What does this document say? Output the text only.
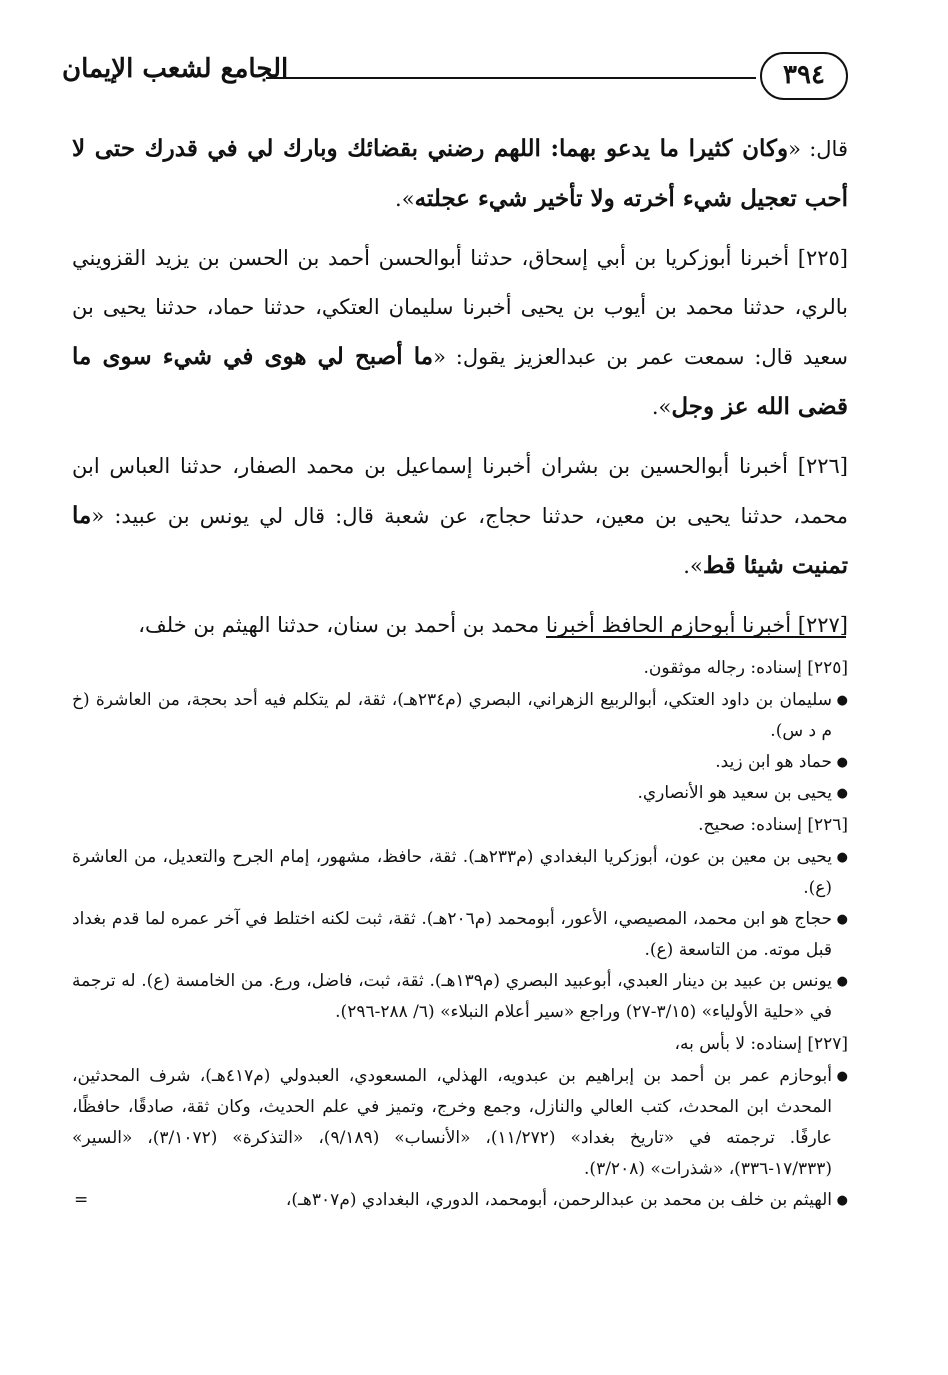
الجامع لشعب الإيمان	٣٩٤

قال: «وكان كثيرا ما يدعو بهما: اللهم رضني بقضائك وبارك لي في قدرك حتى لا أحب تعجيل شيء أخرته ولا تأخير شيء عجلته».

[٢٢٥] أخبرنا أبوزكريا بن أبي إسحاق، حدثنا أبوالحسن أحمد بن الحسن بن يزيد القزويني بالري، حدثنا محمد بن أيوب بن يحيى أخبرنا سليمان العتكي، حدثنا حماد، حدثنا يحيى بن سعيد قال: سمعت عمر بن عبدالعزيز يقول: «ما أصبح لي هوى في شيء سوى ما قضى الله عز وجل».

[٢٢٦] أخبرنا أبوالحسين بن بشران أخبرنا إسماعيل بن محمد الصفار، حدثنا العباس ابن محمد، حدثنا يحيى بن معين، حدثنا حجاج، عن شعبة قال: قال لي يونس بن عبيد: «ما تمنيت شيئا قط».

[٢٢٧] أخبرنا أبوحازم الحافظ أخبرنا محمد بن أحمد بن سنان، حدثنا الهيثم بن خلف،

[٢٢٥] إسناده: رجاله موثقون.
●
سليمان بن داود العتكي، أبوالربيع الزهراني، البصري (م٢٣٤هـ)، ثقة، لم يتكلم فيه أحد بحجة، من العاشرة (خ م د س).
●
حماد هو ابن زيد.
●
يحيى بن سعيد هو الأنصاري.
[٢٢٦] إسناده: صحيح.
●
يحيى بن معين بن عون، أبوزكريا البغدادي (م٢٣٣هـ). ثقة، حافظ، مشهور، إمام الجرح والتعديل، من العاشرة (ع).
●
حجاج هو ابن محمد، المصيصي، الأعور، أبومحمد (م٢٠٦هـ). ثقة، ثبت لكنه اختلط في آخر عمره لما قدم بغداد قبل موته. من التاسعة (ع).
●
يونس بن عبيد بن دينار العبدي، أبوعبيد البصري (م١٣٩هـ). ثقة، ثبت، فاضل، ورع. من الخامسة (ع). له ترجمة في «حلية الأولياء» (٣/١٥-٢٧) وراجع «سير أعلام النبلاء» (٦/ ٢٨٨-٢٩٦).
[٢٢٧] إسناده: لا بأس به،
●
أبوحازم عمر بن أحمد بن إبراهيم بن عبدويه، الهذلي، المسعودي، العبدولي (م٤١٧هـ)، شرف المحدثين، المحدث ابن المحدث، كتب العالي والنازل، وجمع وخرج، وتميز في علم الحديث، وكان ثقة، صادقًا، حافظًا، عارفًا. ترجمته في «تاريخ بغداد» (١١/٢٧٢)، «الأنساب» (٩/١٨٩)، «التذكرة» (٣/١٠٧٢)، «السير» (١٧/٣٣٣-٣٣٦)، «شذرات» (٣/٢٠٨).
●
الهيثم بن خلف بن محمد بن عبدالرحمن، أبومحمد، الدوري، البغدادي (م٣٠٧هـ)،
=
